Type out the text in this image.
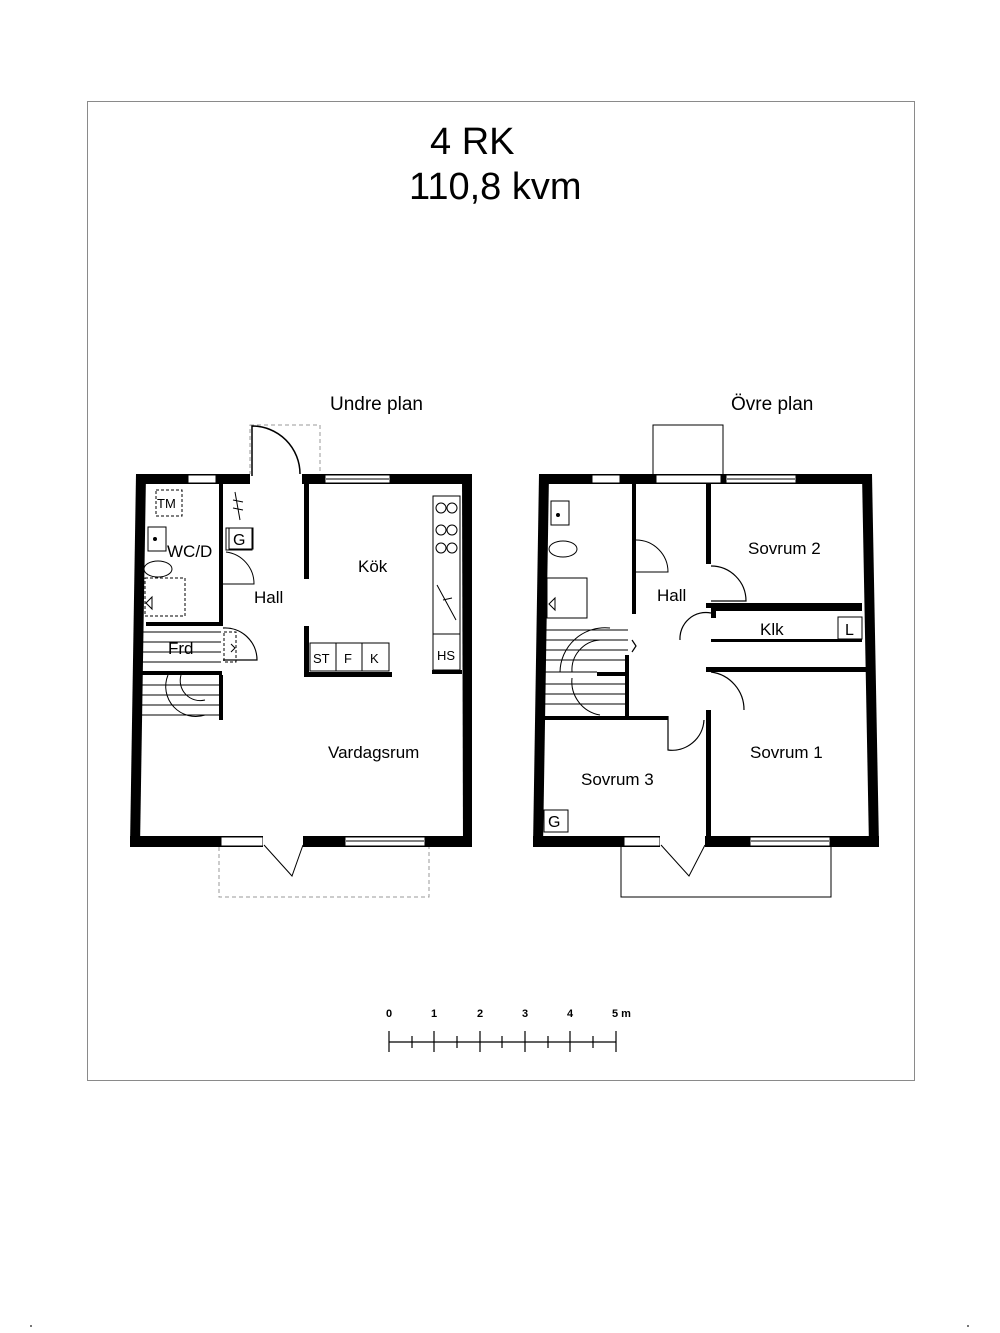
4 RK
110,8 kvm
Undre plan	Övre plan
TM
G
WC/D
Hall
Kök
Frd
ST F K	HS
Vardagsrum
Hall
Sovrum 2
Klk	L
Sovrum 1
Sovrum 3
G
0	1	2	3	4	5 m
